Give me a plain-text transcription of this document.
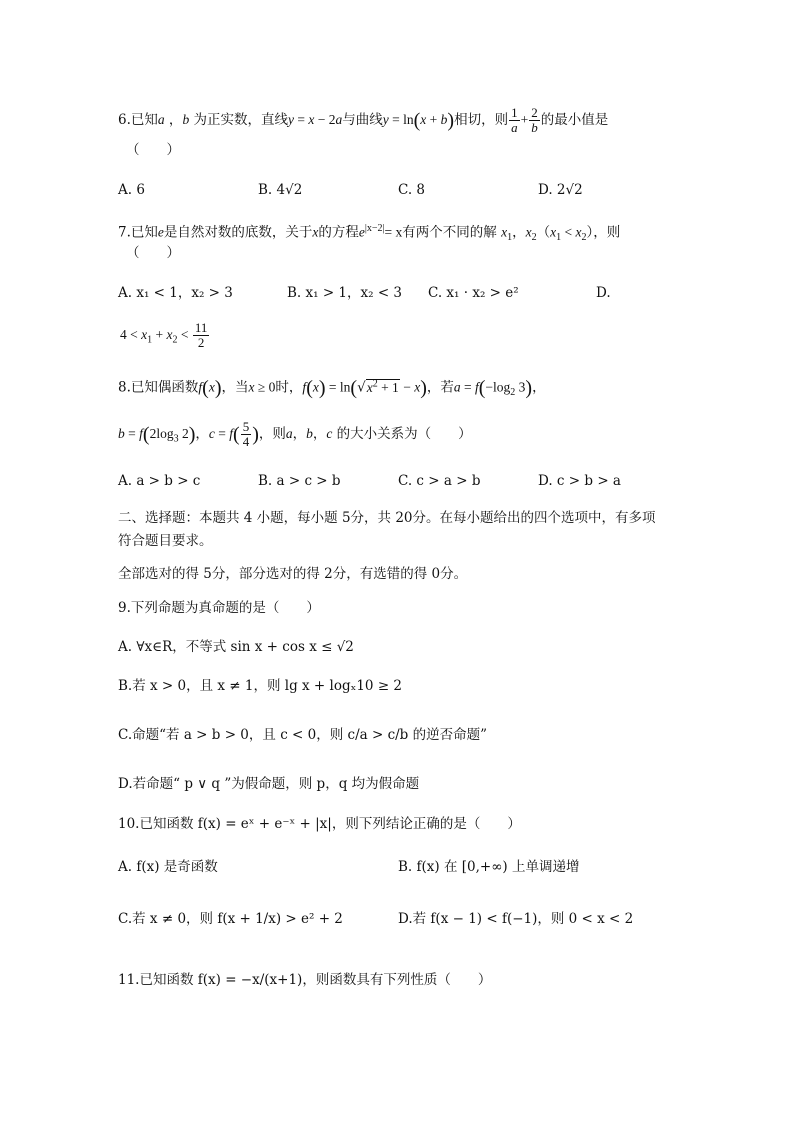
6.已知a ，b 为正实数，直线y = x − 2a与曲线y = ln(x + b)相切，则 $\frac{1}{a} + \frac{2}{b}$ 的最小值是
（　　）
A. 6	B. 4√2	C. 8	D. 2√2
7.已知e是自然对数的底数，关于x的方程$e^{|x-2|}= x$有两个不同的解 $x_1$，$x_2(x_1 < x_2)$，则
（　　）
A. x₁ < 1，x₂ > 3	B. x₁ > 1，x₂ < 3 C. x₁ · x₂ > e²	D.
$4 < x_1 + x_2 < \frac{11}{2}$
8.已知偶函数f(x)，当x ≥ 0时，$f(x) = \ln(√x^2 + 1 - x)$，若$a = f(-\log_2$ 3)，
$b = f(2\log_3$ 2)，$c = f( \frac{5}{4}$ )，则a，b，c 的大小关系为（　　）
A. a > b > c	B. a > c > b	C. c > a > b	D. c > b > a
二、选择题：本题共 4 小题，每小题 5分，共 20分。在每小题给出的四个选项中，有多项
符合题目要求。
全部选对的得 5分，部分选对的得 2分，有选错的得 0分。
9.下列命题为真命题的是（　　）
A. ∀x∈R，不等式 sin x + cos x ≤ √2
B.若 x > 0，且 x ≠ 1，则 lg x + logₓ10 ≥ 2
C.命题“若 a > b > 0，且 c < 0，则 c/a > c/b 的逆否命题”
D.若命题“ p ∨ q ”为假命题，则 p，q 均为假命题
10.已知函数 f(x) = eˣ + e⁻ˣ + |x|，则下列结论正确的是（　　）
A. f(x) 是奇函数	B. f(x) 在 [0,+∞) 上单调递增
C.若 x ≠ 0，则 f(x + 1/x) > e² + 2	D.若 f(x − 1) < f(−1)，则 0 < x < 2
11.已知函数 f(x) = −x/(x+1)，则函数具有下列性质（　　）
